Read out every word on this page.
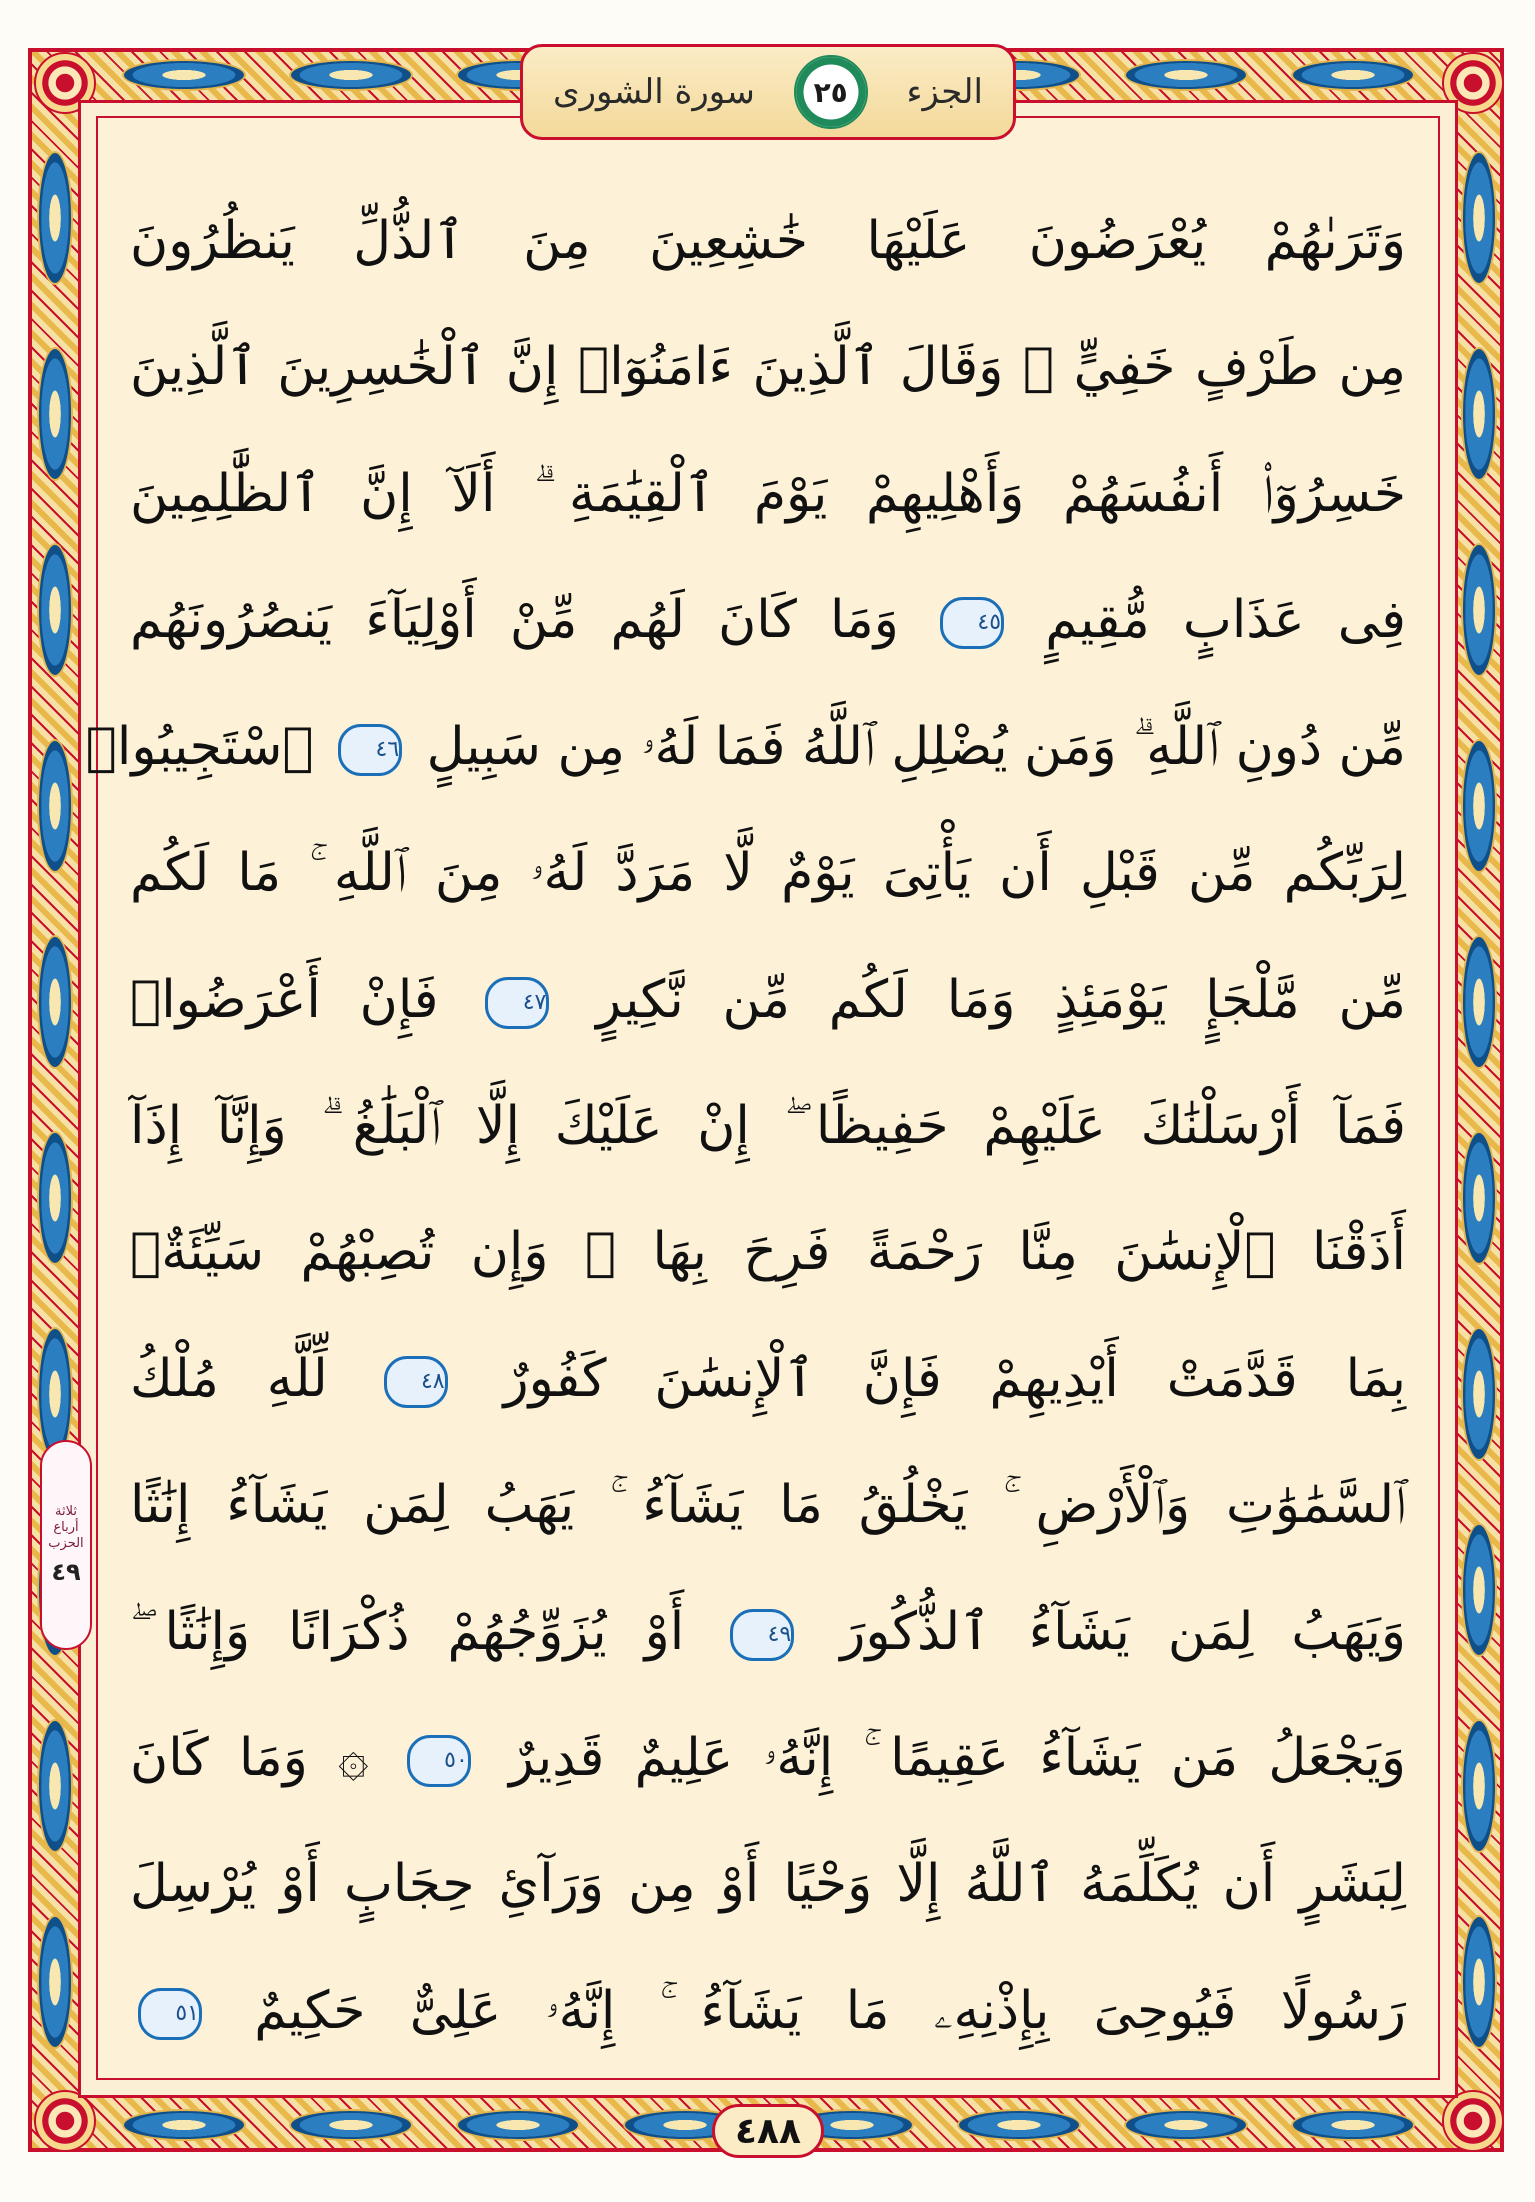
سورة الشورى ٢٥ الجزء
وَتَرَىٰهُمْ يُعْرَضُونَ عَلَيْهَا خَٰشِعِينَ مِنَ ٱلذُّلِّ يَنظُرُونَ
مِن طَرْفٍ خَفِيٍّ ۗ وَقَالَ ٱلَّذِينَ ءَامَنُوٓا۟ إِنَّ ٱلْخَٰسِرِينَ ٱلَّذِينَ
خَسِرُوٓا۟ أَنفُسَهُمْ وَأَهْلِيهِمْ يَوْمَ ٱلْقِيَٰمَةِ ۗ أَلَآ إِنَّ ٱلظَّٰلِمِينَ
فِى عَذَابٍ مُّقِيمٍ ٤٥ وَمَا كَانَ لَهُم مِّنْ أَوْلِيَآءَ يَنصُرُونَهُم
مِّن دُونِ ٱللَّهِ ۗ وَمَن يُضْلِلِ ٱللَّهُ فَمَا لَهُۥ مِن سَبِيلٍ ٤٦ ٱسْتَجِيبُوا۟
لِرَبِّكُم مِّن قَبْلِ أَن يَأْتِىَ يَوْمٌ لَّا مَرَدَّ لَهُۥ مِنَ ٱللَّهِ ۚ مَا لَكُم
مِّن مَّلْجَإٍ يَوْمَئِذٍ وَمَا لَكُم مِّن نَّكِيرٍ ٤٧ فَإِنْ أَعْرَضُوا۟
فَمَآ أَرْسَلْنَٰكَ عَلَيْهِمْ حَفِيظًا ۖ إِنْ عَلَيْكَ إِلَّا ٱلْبَلَٰغُ ۗ وَإِنَّآ إِذَآ
أَذَقْنَا ٱلْإِنسَٰنَ مِنَّا رَحْمَةً فَرِحَ بِهَا ۖ وَإِن تُصِبْهُمْ سَيِّئَةٌۢ
بِمَا قَدَّمَتْ أَيْدِيهِمْ فَإِنَّ ٱلْإِنسَٰنَ كَفُورٌ ٤٨ لِّلَّهِ مُلْكُ
ٱلسَّمَٰوَٰتِ وَٱلْأَرْضِ ۚ يَخْلُقُ مَا يَشَآءُ ۚ يَهَبُ لِمَن يَشَآءُ إِنَٰثًا
وَيَهَبُ لِمَن يَشَآءُ ٱلذُّكُورَ ٤٩ أَوْ يُزَوِّجُهُمْ ذُكْرَانًا وَإِنَٰثًا ۖ
وَيَجْعَلُ مَن يَشَآءُ عَقِيمًا ۚ إِنَّهُۥ عَلِيمٌ قَدِيرٌ ٥٠ ۞ وَمَا كَانَ
لِبَشَرٍ أَن يُكَلِّمَهُ ٱللَّهُ إِلَّا وَحْيًا أَوْ مِن وَرَآئِ حِجَابٍ أَوْ يُرْسِلَ
رَسُولًا فَيُوحِىَ بِإِذْنِهِۦ مَا يَشَآءُ ۚ إِنَّهُۥ عَلِىٌّ حَكِيمٌ ٥١
ثلاثة أرباع الحزب
٤٩
٤٨٨
